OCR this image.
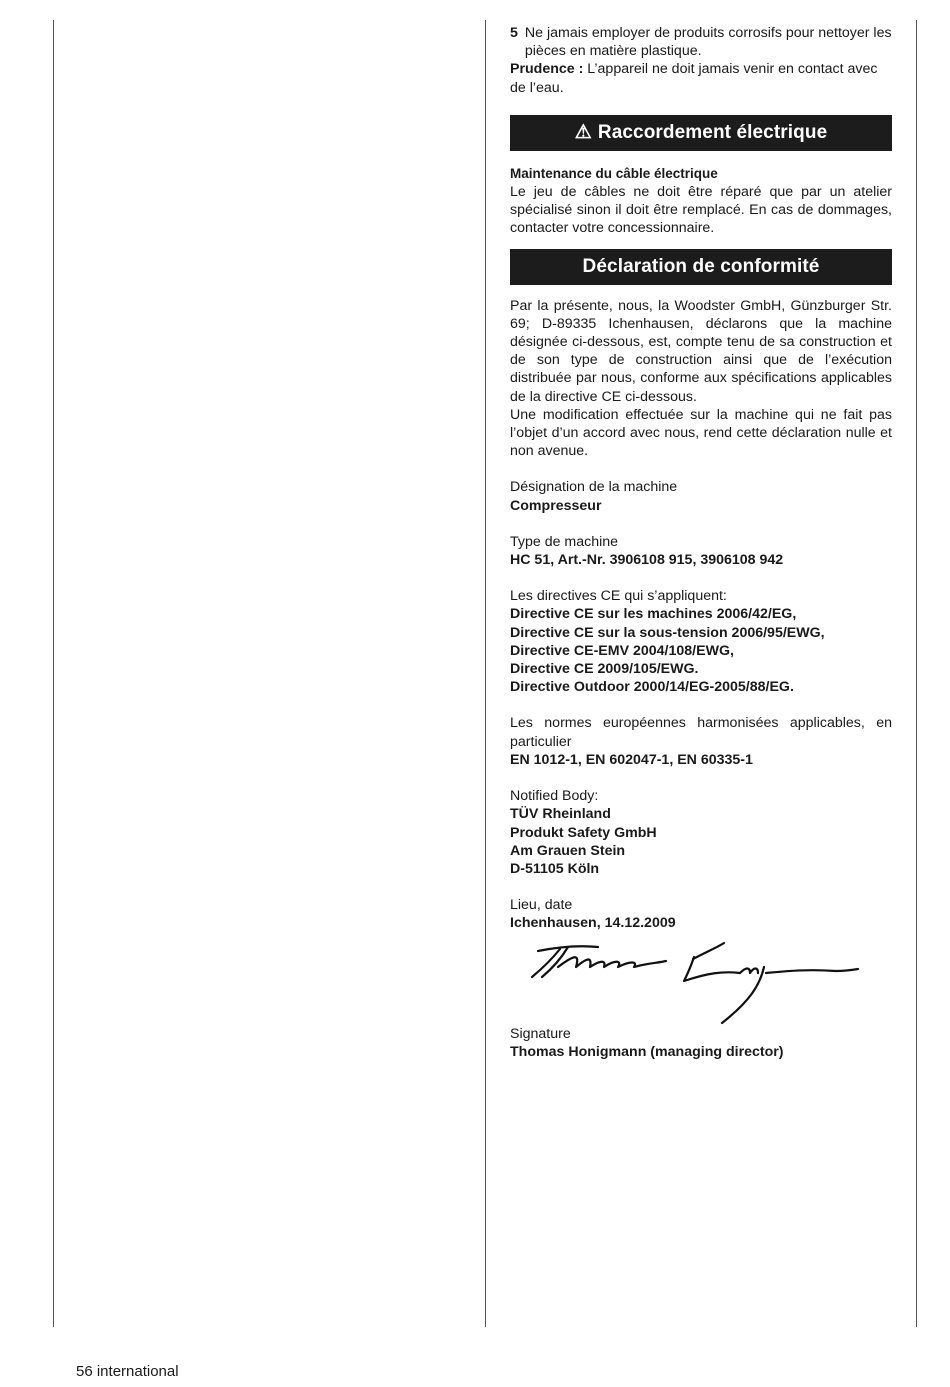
5 Ne jamais employer de produits corrosifs pour nettoyer les pièces en matière plastique.

Prudence : L’appareil ne doit jamais venir en contact avec de l’eau.

⚠ Raccordement électrique

Maintenance du câble électrique

Le jeu de câbles ne doit être réparé que par un atelier spécialisé sinon il doit être remplacé. En cas de dommages, contacter votre concessionnaire.

Déclaration de conformité

Par la présente, nous, la Woodster GmbH, Günzburger Str. 69; D-89335 Ichenhausen, déclarons que la machine désignée ci-dessous, est, compte tenu de sa construction et de son type de construction ainsi que de l’exécution distribuée par nous, conforme aux spécifications applicables de la directive CE ci-dessous.

Une modification effectuée sur la machine qui ne fait pas l’objet d’un accord avec nous, rend cette déclaration nulle et non avenue.

Désignation de la machine

Compresseur

Type de machine

HC 51, Art.-Nr. 3906108 915, 3906108 942

Les directives CE qui s’appliquent:

Directive CE sur les machines 2006/42/EG,

Directive CE sur la sous-tension 2006/95/EWG,

Directive CE-EMV 2004/108/EWG,

Directive CE 2009/105/EWG.

Directive Outdoor 2000/14/EG-2005/88/EG.

Les normes européennes harmonisées applicables, en particulier

EN 1012-1, EN 602047-1, EN 60335-1

Notified Body:

TÜV Rheinland

Produkt Safety GmbH

Am Grauen Stein

D-51105 Köln

Lieu, date

Ichenhausen, 14.12.2009

Signature

Thomas Honigmann (managing director)

56 international
